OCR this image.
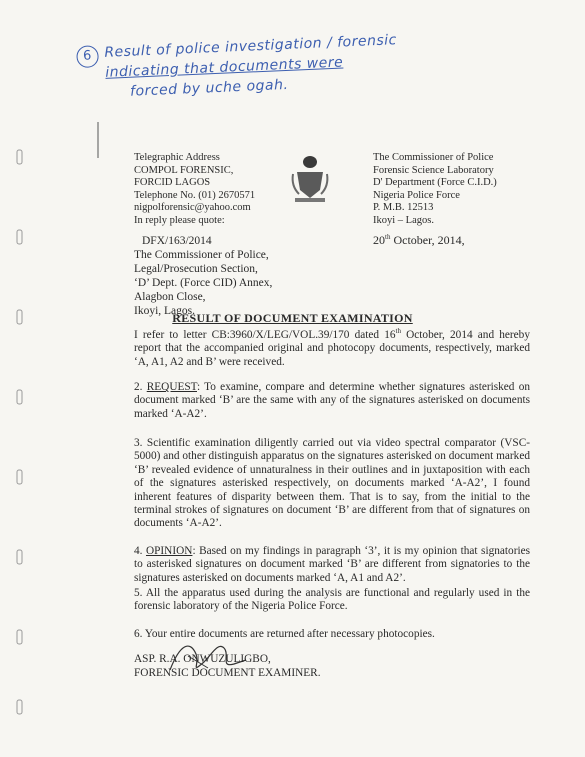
6 Result of police investigation / forensic
indicating that documents were
forced by uche ogah.
Telegraphic Address
COMPOL FORENSIC,
FORCID LAGOS
Telephone No. (01) 2670571
nigpolforensic@yahoo.com
In reply please quote:
The Commissioner of Police
Forensic Science Laboratory
D' Department (Force C.I.D.)
Nigeria Police Force
P. M.B. 12513
Ikoyi – Lagos.
20th October, 2014,
DFX/163/2014
The Commissioner of Police,
Legal/Prosecution Section,
‘D’ Dept. (Force CID) Annex,
Alagbon Close,
Ikoyi, Lagos.
RESULT OF DOCUMENT EXAMINATION
I refer to letter CB:3960/X/LEG/VOL.39/170 dated 16th October, 2014 and hereby report that the accompanied original and photocopy documents, respectively, marked ‘A, A1, A2 and B’ were received.
2. REQUEST: To examine, compare and determine whether signatures asterisked on document marked ‘B’ are the same with any of the signatures asterisked on documents marked ‘A-A2’.
3. Scientific examination diligently carried out via video spectral comparator (VSC-5000) and other distinguish apparatus on the signatures asterisked on document marked ‘B’ revealed evidence of unnaturalness in their outlines and in juxtaposition with each of the signatures asterisked respectively, on documents marked ‘A-A2’, I found inherent features of disparity between them. That is to say, from the initial to the terminal strokes of signatures on document ‘B’ are different from that of signatures on documents ‘A-A2’.
4. OPINION: Based on my findings in paragraph ‘3’, it is my opinion that signatories to asterisked signatures on document marked ‘B’ are different from signatories to the signatures asterisked on documents marked ‘A, A1 and A2’.
5. All the apparatus used during the analysis are functional and regularly used in the forensic laboratory of the Nigeria Police Force.
6. Your entire documents are returned after necessary photocopies.
ASP. R.A. ONWUZULIGBO,
FORENSIC DOCUMENT EXAMINER.
